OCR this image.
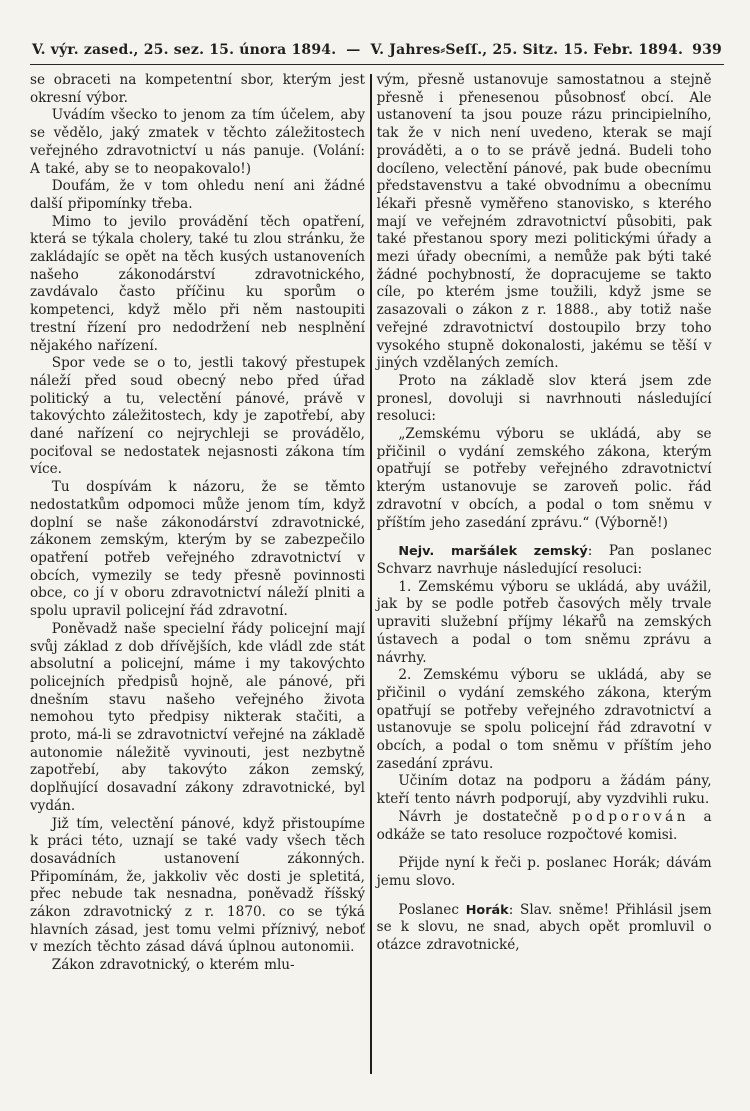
V. výr. zased., 25. sez. 15. února 1894. — V. Jahres⸗Seſſ., 25. Sitz. 15. Febr. 1894. 939

se obraceti na kompetentní sbor, kterým jest okresní výbor.

Uvádím všecko to jenom za tím účelem, aby se vědělo, jaký zmatek v těchto záležitostech veřejného zdravotnictví u nás panuje. (Volání: A také, aby se to neopakovalo!)

Doufám, že v tom ohledu není ani žádné další připomínky třeba.

Mimo to jevilo provádění těch opatření, která se týkala cholery, také tu zlou stránku, že zakládajíc se opět na těch kusých ustanoveních našeho zákonodárství zdravotnického, zavdávalo často příčinu ku sporům o kompetenci, když mělo při něm nastoupiti trestní řízení pro nedodržení neb nesplnění nějakého nařízení.

Spor vede se o to, jestli takový přestupek náleží před soud obecný nebo před úřad politický a tu, velectění pánové, právě v takovýchto záležitostech, kdy je zapotřebí, aby dané nařízení co nejrychleji se provádělo, pociťoval se nedostatek nejasnosti zákona tím více.

Tu dospívám k názoru, že se těmto nedostatkům odpomoci může jenom tím, když doplní se naše zákonodárství zdravotnické, zákonem zemským, kterým by se zabezpečilo opatření potřeb veřejného zdravotnictví v obcích, vymezily se tedy přesně povinnosti obce, co jí v oboru zdravotnictví náleží plniti a spolu upravil policejní řád zdravotní.

Poněvadž naše specielní řády policejní mají svůj základ z dob dřívějších, kde vládl zde stát absolutní a policejní, máme i my takovýchto policejních předpisů hojně, ale pánové, při dnešním stavu našeho veřejného života nemohou tyto předpisy nikterak stačiti, a proto, má-li se zdravotnictví veřejné na základě autonomie náležitě vyvinouti, jest nezbytně zapotřebí, aby takovýto zákon zemský, doplňující dosavadní zákony zdravotnické, byl vydán.

Již tím, velectění pánové, když přistoupíme k práci této, uznají se také vady všech těch dosavádních ustanovení zákonných. Připomínám, že, jakkoliv věc dosti je spletitá, přec nebude tak nesnadna, poněvadž říšský zákon zdravotnický z r. 1870. co se týká hlavních zásad, jest tomu velmi příznivý, neboť v mezích těchto zásad dává úplnou autonomii.

Zákon zdravotnický, o kterém mlu-

vým, přesně ustanovuje samostatnou a stejně přesně i přenesenou působnosť obcí. Ale ustanovení ta jsou pouze rázu principielního, tak že v nich není uvedeno, kterak se mají prováděti, a o to se právě jedná. Budeli toho docíleno, velectění pánové, pak bude obecnímu představenstvu a také obvodnímu a obecnímu lékaři přesně vyměřeno stanovisko, s kterého mají ve veřejném zdravotnictví působiti, pak také přestanou spory mezi politickými úřady a mezi úřady obecními, a nemůže pak býti také žádné pochybností, že dopracujeme se takto cíle, po kterém jsme toužili, když jsme se zasazovali o zákon z r. 1888., aby totiž naše veřejné zdravotnictví dostoupilo brzy toho vysokého stupně dokonalosti, jakému se těší v jiných vzdělaných zemích.

Proto na základě slov která jsem zde pronesl, dovoluji si navrhnouti následující resoluci:

„Zemskému výboru se ukládá, aby se přičinil o vydání zemského zákona, kterým opatřují se potřeby veřejného zdravotnictví kterým ustanovuje se zaroveň polic. řád zdravotní v obcích, a podal o tom sněmu v příštím jeho zasedání zprávu.“ (Výborně!)

Nejv. maršálek zemský: Pan poslanec Schvarz navrhuje následující resoluci:

1. Zemskému výboru se ukládá, aby uvážil, jak by se podle potřeb časových měly trvale upraviti služební příjmy lékařů na zemských ústavech a podal o tom sněmu zprávu a návrhy.

2. Zemskému výboru se ukládá, aby se přičinil o vydání zemského zákona, kterým opatřují se potřeby veřejného zdravotnictví a ustanovuje se spolu policejní řád zdravotní v obcích, a podal o tom sněmu v příštím jeho zasedání zprávu.

Učiním dotaz na podporu a žádám pány, kteří tento návrh podporují, aby vyzdvihli ruku.

Návrh je dostatečně podporován a odkáže se tato resoluce rozpočtové komisi.

Přijde nyní k řeči p. poslanec Horák; dávám jemu slovo.

Poslanec Horák: Slav. sněme! Přihlásil jsem se k slovu, ne snad, abych opět promluvil o otázce zdravotnické,
